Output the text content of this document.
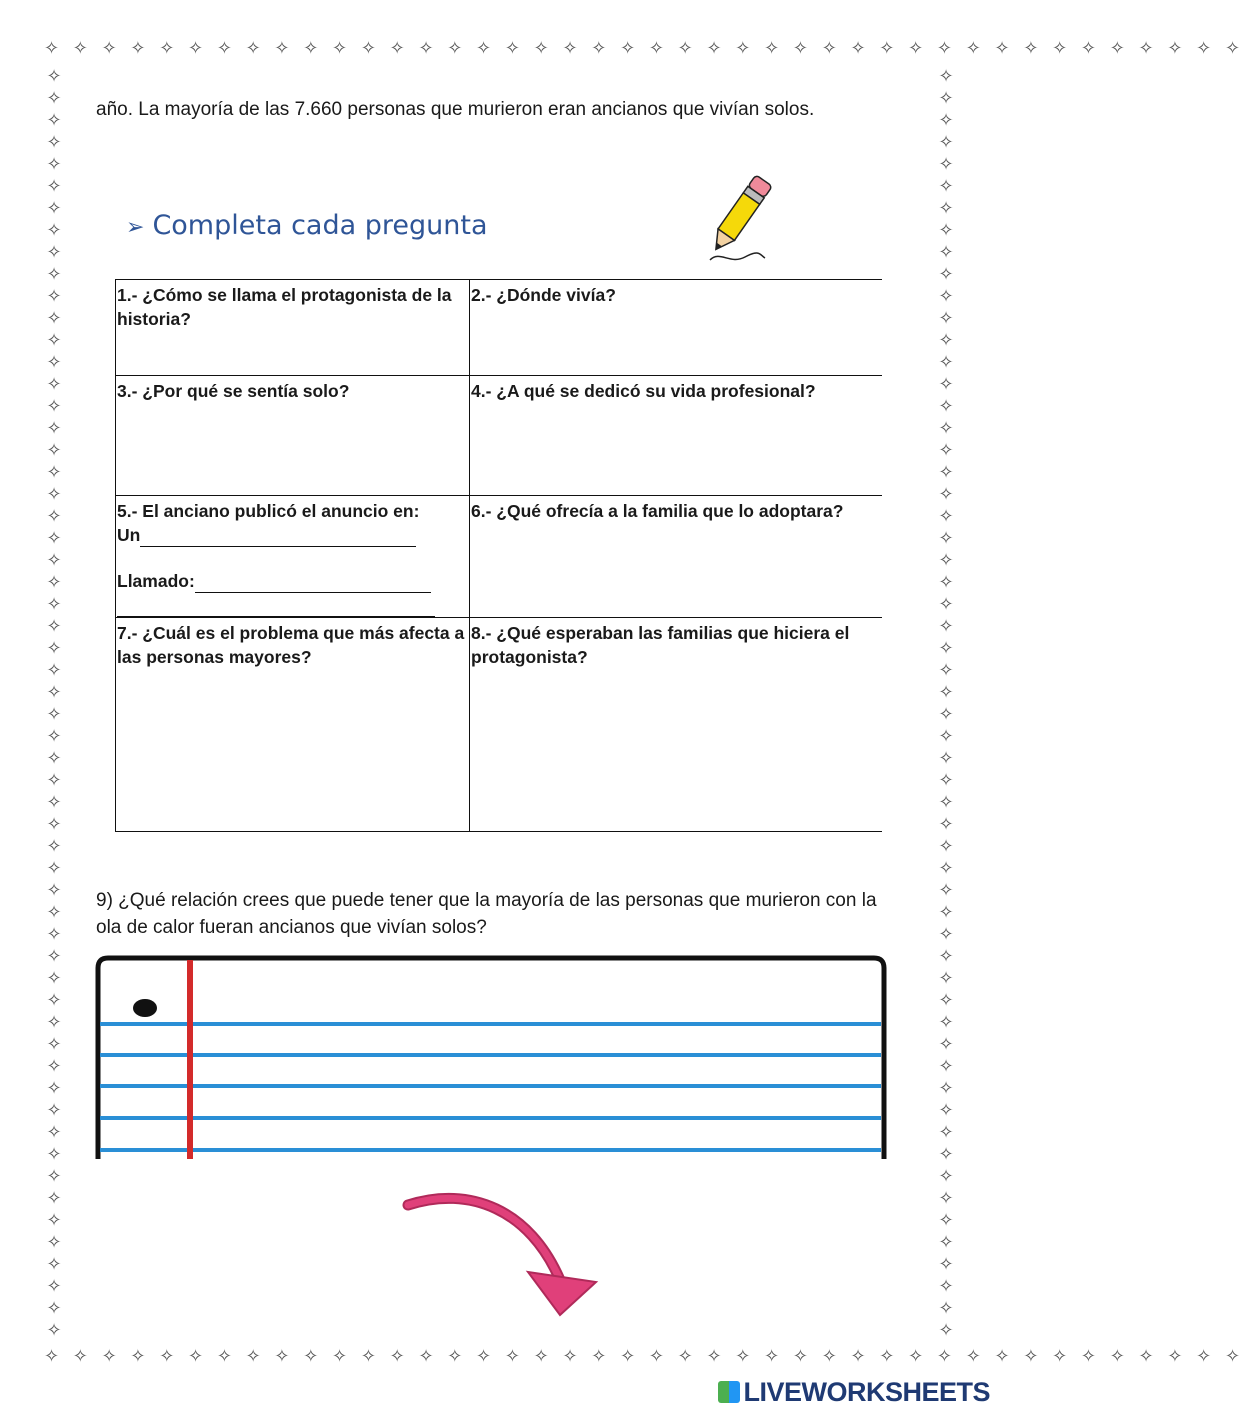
✧ ✧ ✧ ✧ ✧ ✧ ✧ ✧ ✧ ✧ ✧ ✧ ✧ ✧ ✧ ✧ ✧ ✧ ✧ ✧ ✧ ✧ ✧ ✧ ✧ ✧ ✧ ✧ ✧ ✧ ✧ ✧ ✧ ✧ ✧ ✧ ✧ ✧ ✧ ✧ ✧ ✧
✧ ✧ ✧ ✧ ✧ ✧ ✧ ✧ ✧ ✧ ✧ ✧ ✧ ✧ ✧ ✧ ✧ ✧ ✧ ✧ ✧ ✧ ✧ ✧ ✧ ✧ ✧ ✧ ✧ ✧ ✧ ✧ ✧ ✧ ✧ ✧ ✧ ✧ ✧ ✧ ✧ ✧
✧✧✧✧✧✧✧✧✧✧✧✧✧✧✧✧✧✧✧✧✧✧✧✧✧✧✧✧✧✧✧✧✧✧✧✧✧✧✧✧✧✧✧✧✧✧✧✧✧✧✧✧✧✧✧✧✧✧
✧✧✧✧✧✧✧✧✧✧✧✧✧✧✧✧✧✧✧✧✧✧✧✧✧✧✧✧✧✧✧✧✧✧✧✧✧✧✧✧✧✧✧✧✧✧✧✧✧✧✧✧✧✧✧✧✧✧
año. La mayoría de las 7.660 personas que murieron eran ancianos que vivían solos.
➢ Completa cada pregunta
1.- ¿Cómo se llama el protagonista de la historia?	2.- ¿Dónde vivía?
3.- ¿Por qué se sentía solo?	4.- ¿A qué se dedicó su vida profesional?

5.- El anciano publicó el anuncio en:
Un
Llamado:	6.- ¿Qué ofrecía a la familia que lo adoptara?
7.- ¿Cuál es el problema que más afecta a las personas mayores?	8.- ¿Qué esperaban las familias que hiciera el protagonista?
9) ¿Qué relación crees que puede tener que la mayoría de las personas que murieron con la ola de calor fueran ancianos que vivían solos?
LIVEWORKSHEETS
